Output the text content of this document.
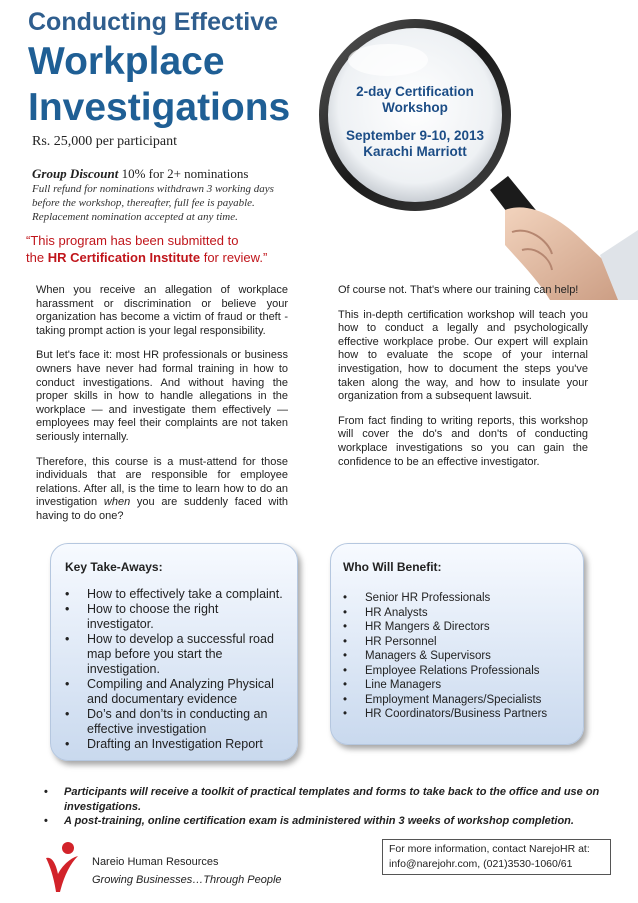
Conducting Effective
Workplace
Investigations	2-day Certification
Workshop
September 9-10, 2013
Karachi Marriott
Rs. 25,000 per participant
Group Discount 10% for 2+ nominations
Full refund for nominations withdrawn 3 working days
before the workshop, thereafter, full fee is payable.
Replacement nomination accepted at any time.
“This program has been submitted to
the HR Certification Institute for review.”

When you receive an allegation of workplace harassment or discrimination or believe your organization has become a victim of fraud or theft - taking prompt action is your legal responsibility.

But let's face it: most HR professionals or business owners have never had formal training in how to conduct investigations. And without having the proper skills in how to handle allegations in the workplace — and investigate them effectively — employees may feel their complaints are not taken seriously internally.

Therefore, this course is a must-attend for those individuals that are responsible for employee relations. After all, is the time to learn how to do an investigation when you are suddenly faced with having to do one?

Of course not. That's where our training can help!

This in-depth certification workshop will teach you how to conduct a legally and psychologically effective workplace probe. Our expert will explain how to evaluate the scope of your internal investigation, how to document the steps you've taken along the way, and how to insulate your organization from a subsequent lawsuit.

From fact finding to writing reports, this workshop will cover the do's and don'ts of conducting workplace investigations so you can gain the confidence to be an effective investigator.

Key Take-Aways:
• How to effectively take a complaint.
• How to choose the right investigator.
• How to develop a successful road map before you start the investigation.
• Compiling and Analyzing Physical and documentary evidence
• Do’s and don’ts in conducting an effective investigation
• Drafting an Investigation Report
Who Will Benefit:
• Senior HR Professionals
• HR Analysts
• HR Mangers & Directors
• HR Personnel
• Managers & Supervisors
• Employee Relations Professionals
• Line Managers
• Employment Managers/Specialists
• HR Coordinators/Business Partners
• Participants will receive a toolkit of practical templates and forms to take back to the office and use on investigations.
• A post-training, online certification exam is administered within 3 weeks of workshop completion.
Nareio Human Resources
Growing Businesses…Through People
For more information, contact NarejoHR at:
info@narejohr.com, (021)3530-1060/61
